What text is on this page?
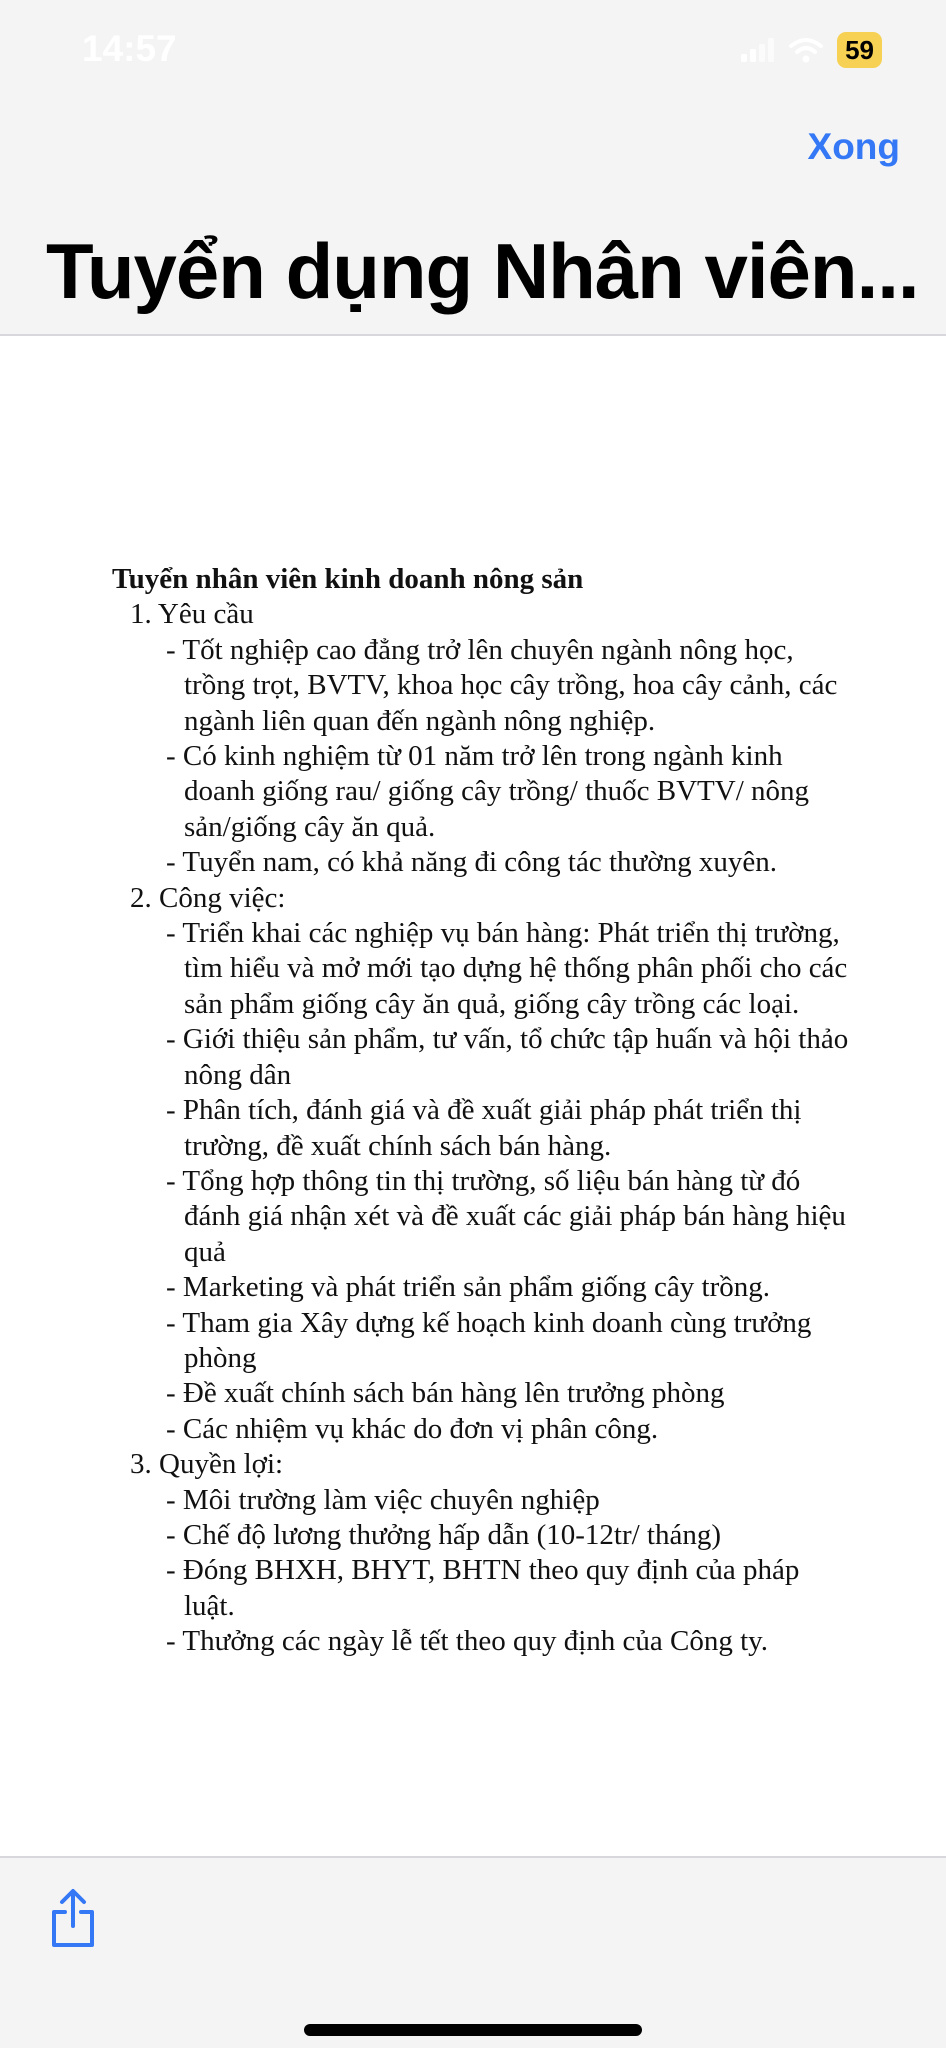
14:57	59
Xong
Tuyển dụng Nhân viên...
Tuyển nhân viên kinh doanh nông sản
1. Yêu cầu
- Tốt nghiệp cao đẳng trở lên chuyên ngành nông học, trồng trọt, BVTV, khoa học cây trồng, hoa cây cảnh, các ngành liên quan đến ngành nông nghiệp.
- Có kinh nghiệm từ 01 năm trở lên trong ngành kinh doanh giống rau/ giống cây trồng/ thuốc BVTV/ nông sản/giống cây ăn quả.
- Tuyển nam, có khả năng đi công tác thường xuyên.
2. Công việc:
- Triển khai các nghiệp vụ bán hàng: Phát triển thị trường, tìm hiểu và mở mới tạo dựng hệ thống phân phối cho các sản phẩm giống cây ăn quả, giống cây trồng các loại.
- Giới thiệu sản phẩm, tư vấn, tổ chức tập huấn và hội thảo nông dân
- Phân tích, đánh giá và đề xuất giải pháp phát triển thị trường, đề xuất chính sách bán hàng.
- Tổng hợp thông tin thị trường, số liệu bán hàng từ đó đánh giá nhận xét và đề xuất các giải pháp bán hàng hiệu quả
- Marketing và phát triển sản phẩm giống cây trồng.
- Tham gia Xây dựng kế hoạch kinh doanh cùng trưởng phòng
- Đề xuất chính sách bán hàng lên trưởng phòng
- Các nhiệm vụ khác do đơn vị phân công.
3. Quyền lợi:
- Môi trường làm việc chuyên nghiệp
- Chế độ lương thưởng hấp dẫn (10-12tr/ tháng)
- Đóng BHXH, BHYT, BHTN theo quy định của pháp luật.
- Thưởng các ngày lễ tết theo quy định của Công ty.
